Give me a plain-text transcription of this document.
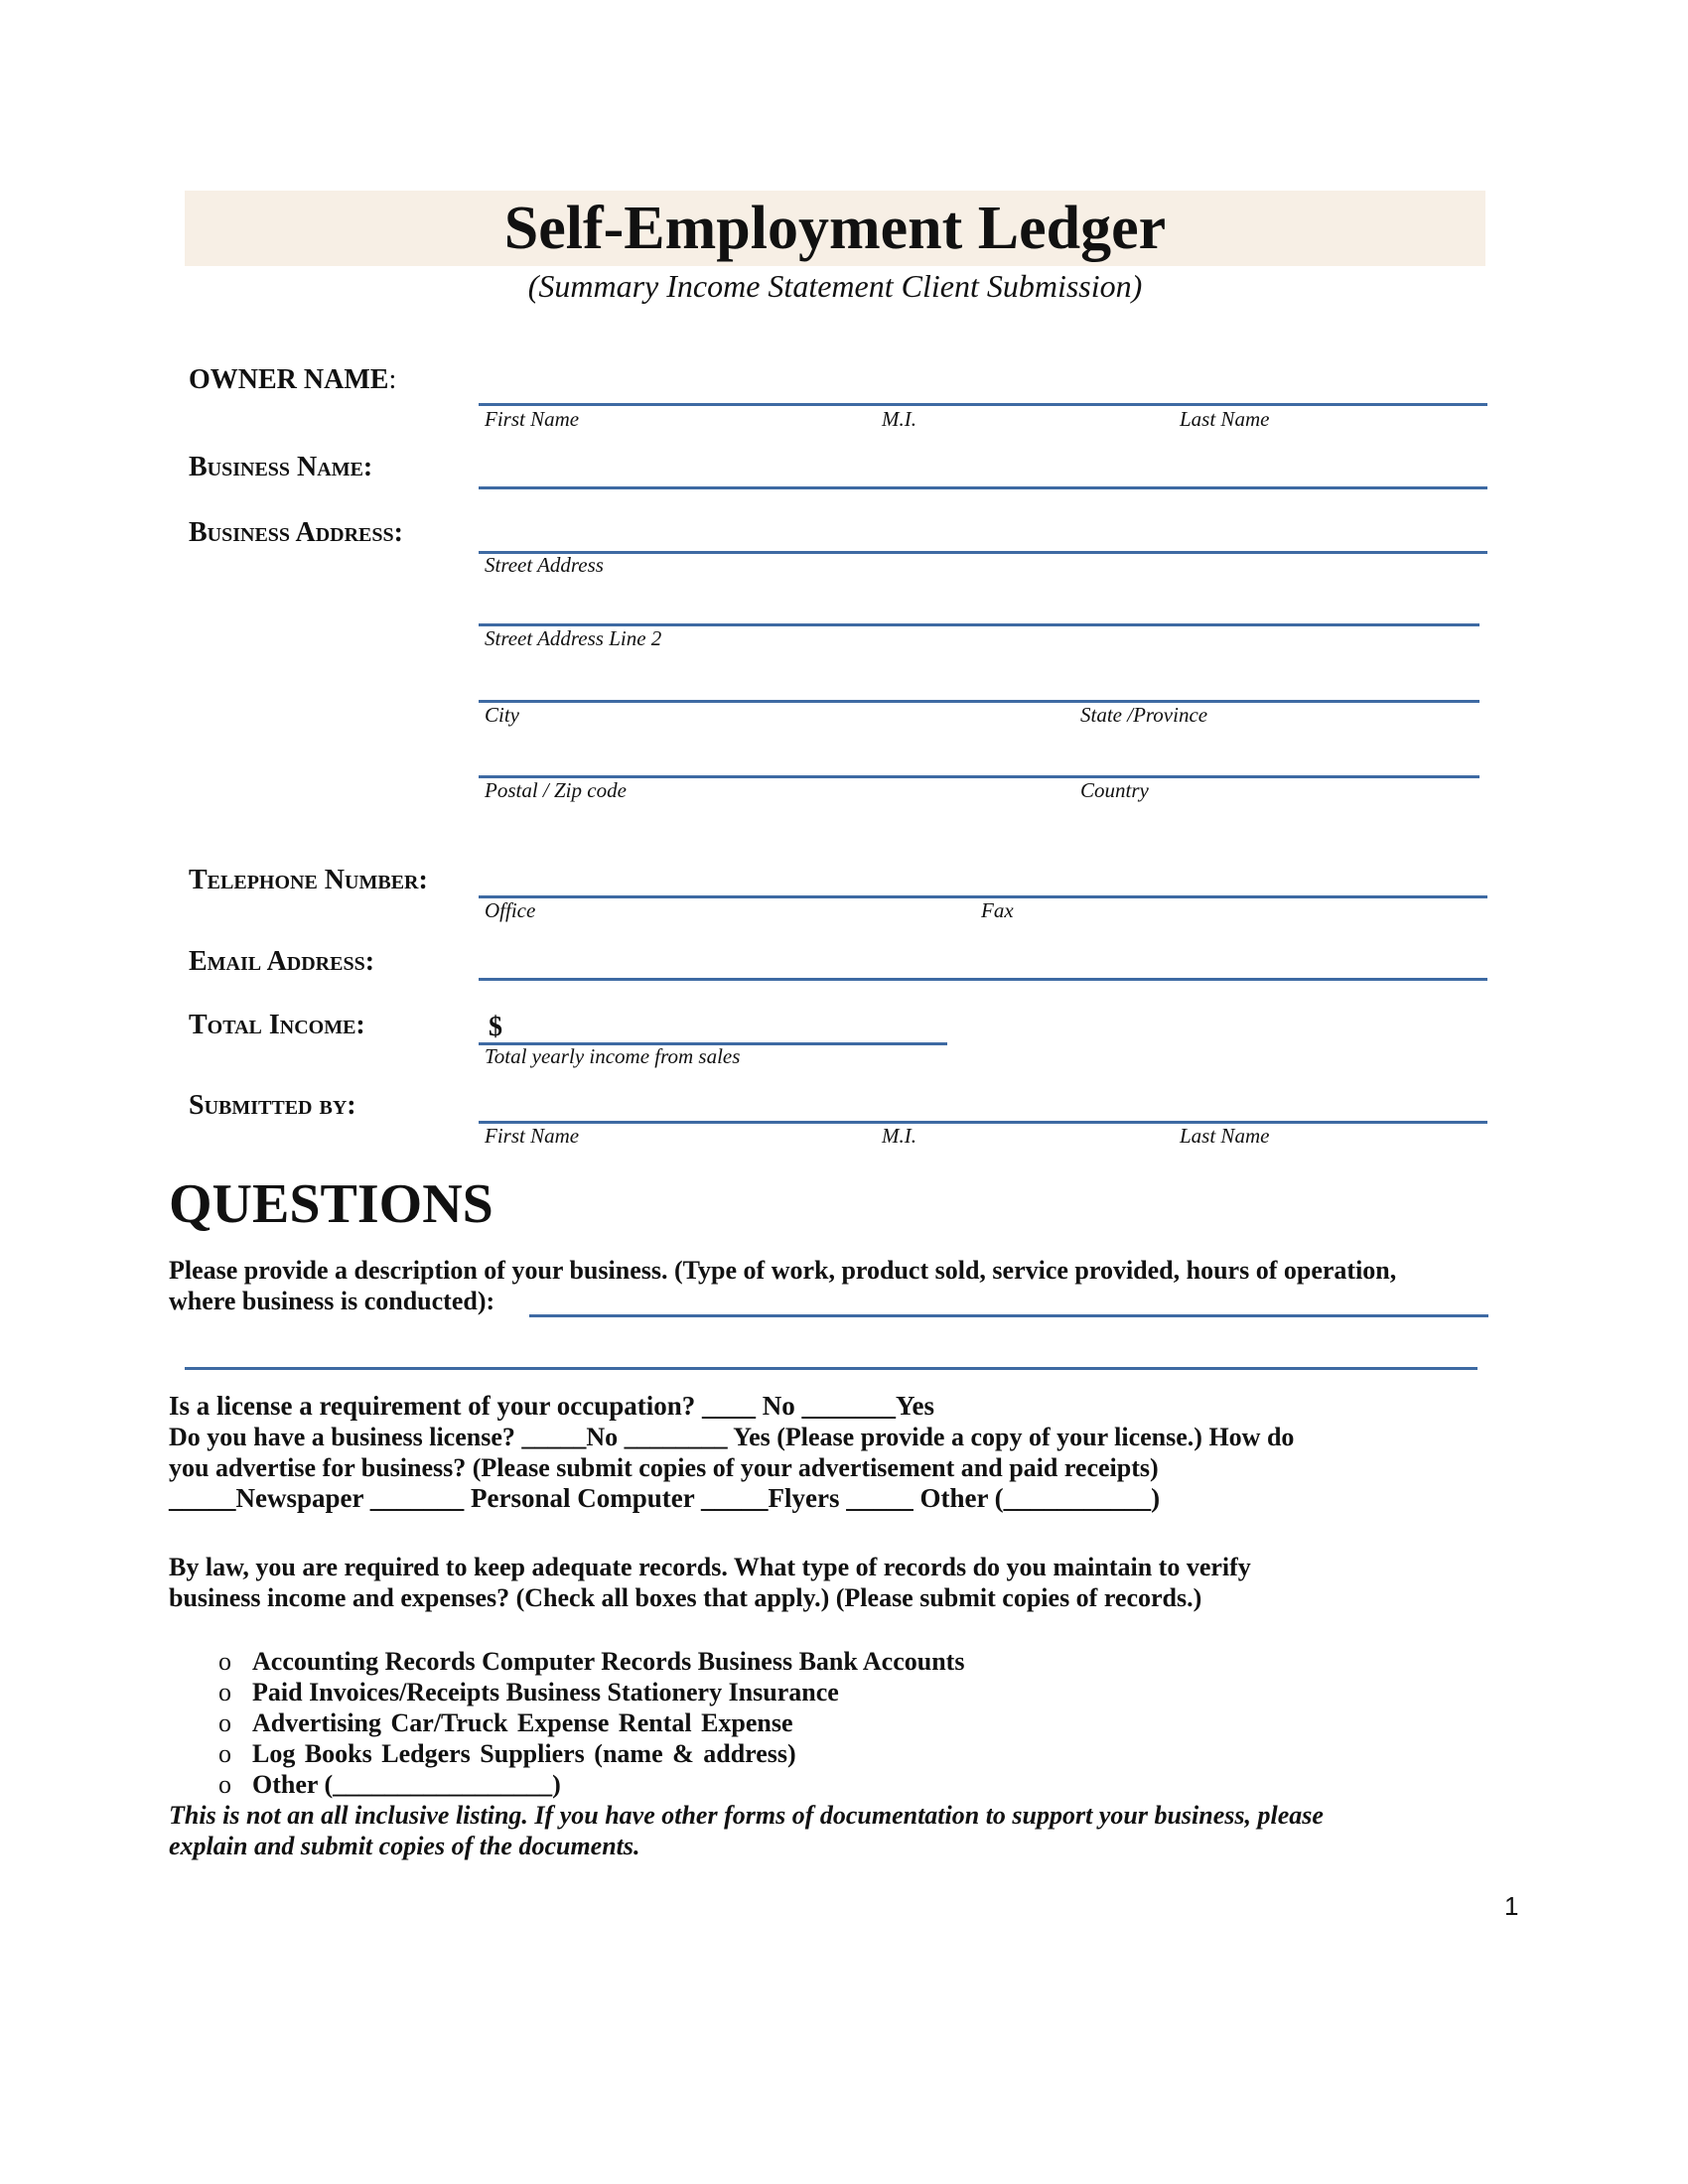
Self-Employment Ledger
(Summary Income Statement Client Submission)
OWNER NAME:
First Name	M.I.	Last Name
Business Name:
Business Address:
Street Address
Street Address Line 2
City	State /Province
Postal / Zip code	Country
Telephone Number:
Office	Fax
Email Address:
Total Income:	$
Total yearly income from sales
Submitted by:
First Name	M.I.	Last Name
QUESTIONS
Please provide a description of your business. (Type of work, product sold, service provided, hours of operation,
where business is conducted):
Is a license a requirement of your occupation? ____ No _______Yes
Do you have a business license? _____No ________ Yes (Please provide a copy of your license.) How do
you advertise for business? (Please submit copies of your advertisement and paid receipts)
_____Newspaper _______ Personal Computer _____Flyers _____ Other (___________)
By law, you are required to keep adequate records. What type of records do you maintain to verify
business income and expenses? (Check all boxes that apply.) (Please submit copies of records.)
o Accounting Records Computer Records Business Bank Accounts
o Paid Invoices/Receipts Business Stationery Insurance
o Advertising Car/Truck Expense Rental Expense
o Log Books Ledgers Suppliers (name & address)
o Other (_________________)
This is not an all inclusive listing. If you have other forms of documentation to support your business, please
explain and submit copies of the documents.
1
